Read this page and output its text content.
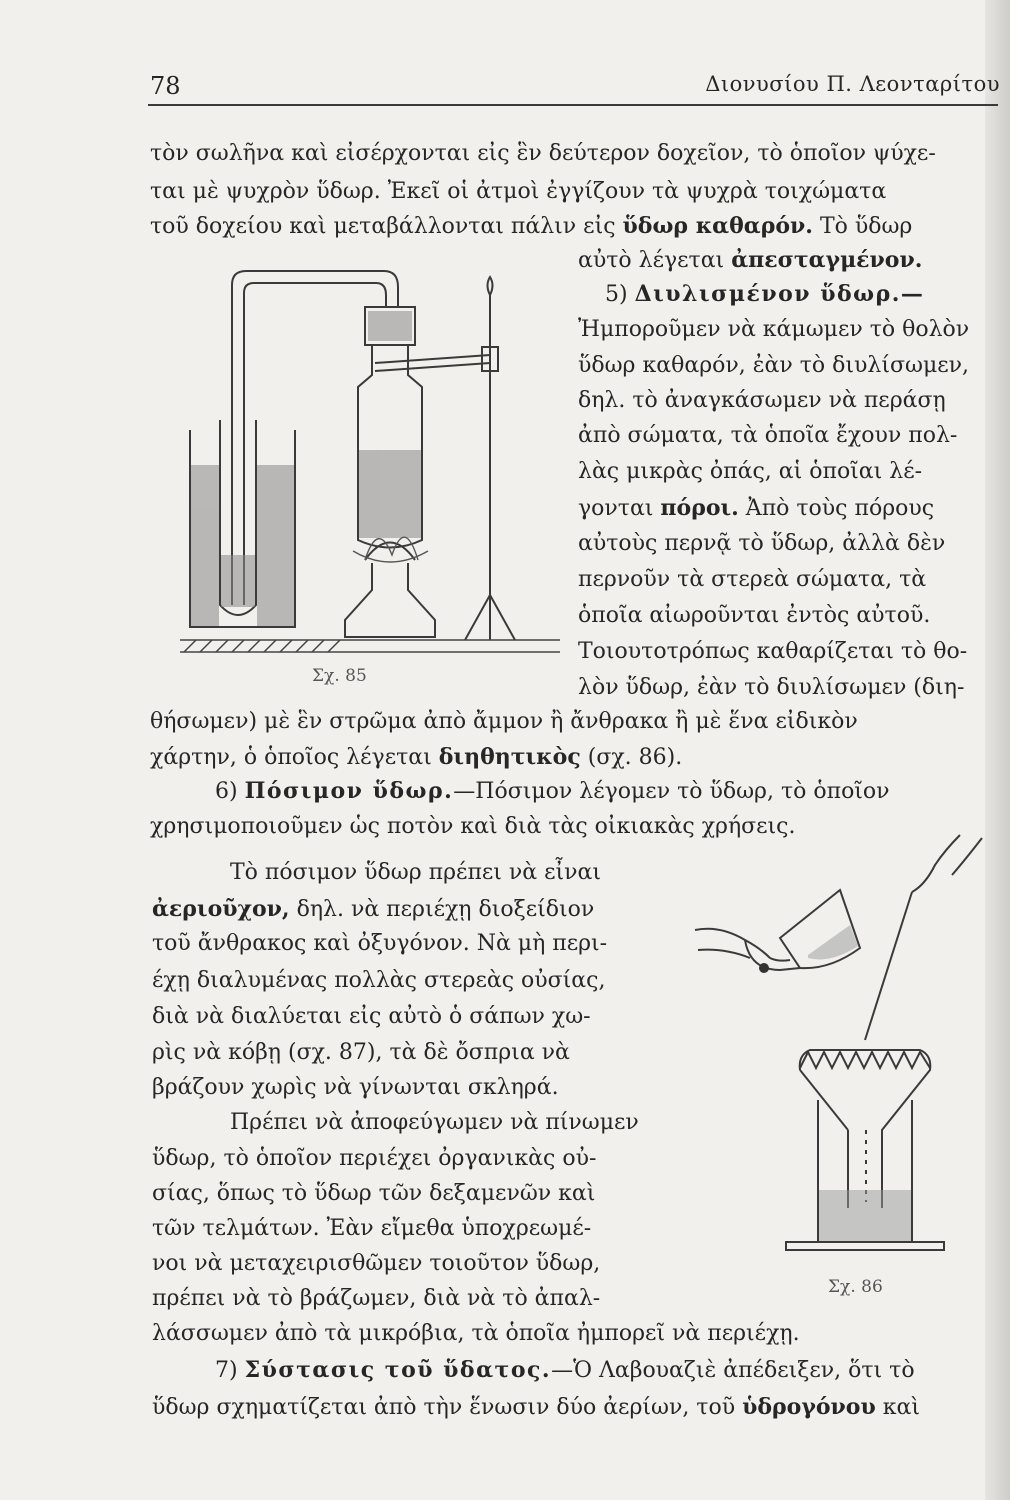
78	Διονυσίου Π. Λεονταρίτου
τὸν σωλῆνα καὶ εἰσέρχονται εἰς ἓν δεύτερον δοχεῖον, τὸ ὁποῖον ψύχε-
ται μὲ ψυχρὸν ὕδωρ. Ἐκεῖ οἱ ἀτμοὶ ἐγγίζουν τὰ ψυχρὰ τοιχώματα
τοῦ δοχείου καὶ μεταβάλλονται πάλιν εἰς ὕδωρ καθαρόν. Τὸ ὕδωρ
αὐτὸ λέγεται ἀπεσταγμένον.
5) Διυλισμένον ὕδωρ.—
Ἠμποροῦμεν νὰ κάμωμεν τὸ θολὸν
ὕδωρ καθαρόν, ἐὰν τὸ διυλίσωμεν,
δηλ. τὸ ἀναγκάσωμεν νὰ περάσῃ
ἀπὸ σώματα, τὰ ὁποῖα ἔχουν πολ-
λὰς μικρὰς ὀπάς, αἱ ὁποῖαι λέ-
γονται πόροι. Ἀπὸ τοὺς πόρους
αὐτοὺς περνᾷ τὸ ὕδωρ, ἀλλὰ δὲν
περνοῦν τὰ στερεὰ σώματα, τὰ
ὁποῖα αἰωροῦνται ἐντὸς αὐτοῦ.
Τοιουτοτρόπως καθαρίζεται τὸ θο-
λὸν ὕδωρ, ἐὰν τὸ διυλίσωμεν (διη-
Σχ. 85
θήσωμεν) μὲ ἓν στρῶμα ἀπὸ ἄμμον ἢ ἄνθρακα ἢ μὲ ἕνα εἰδικὸν
χάρτην, ὁ ὁποῖος λέγεται διηθητικὸς (σχ. 86).
6) Πόσιμον ὕδωρ.—Πόσιμον λέγομεν τὸ ὕδωρ, τὸ ὁποῖον
χρησιμοποιοῦμεν ὡς ποτὸν καὶ διὰ τὰς οἰκιακὰς χρήσεις.
Τὸ πόσιμον ὕδωρ πρέπει νὰ εἶναι
ἀεριοῦχον, δηλ. νὰ περιέχῃ διοξείδιον
τοῦ ἄνθρακος καὶ ὀξυγόνον. Νὰ μὴ περι-
έχῃ διαλυμένας πολλὰς στερεὰς οὐσίας,
διὰ νὰ διαλύεται εἰς αὐτὸ ὁ σάπων χω-
ρὶς νὰ κόβῃ (σχ. 87), τὰ δὲ ὄσπρια νὰ
βράζουν χωρὶς νὰ γίνωνται σκληρά.
Πρέπει νὰ ἀποφεύγωμεν νὰ πίνωμεν
ὕδωρ, τὸ ὁποῖον περιέχει ὀργανικὰς οὐ-
σίας, ὅπως τὸ ὕδωρ τῶν δεξαμενῶν καὶ
τῶν τελμάτων. Ἐὰν εἴμεθα ὑποχρεωμέ-
νοι νὰ μεταχειρισθῶμεν τοιοῦτον ὕδωρ,
πρέπει νὰ τὸ βράζωμεν, διὰ νὰ τὸ ἀπαλ-	Σχ. 86
λάσσωμεν ἀπὸ τὰ μικρόβια, τὰ ὁποῖα ἠμπορεῖ νὰ περιέχῃ.
7) Σύστασις τοῦ ὕδατος.—Ὁ Λαβουαζιὲ ἀπέδειξεν, ὅτι τὸ
ὕδωρ σχηματίζεται ἀπὸ τὴν ἕνωσιν δύο ἀερίων, τοῦ ὑδρογόνου καὶ
